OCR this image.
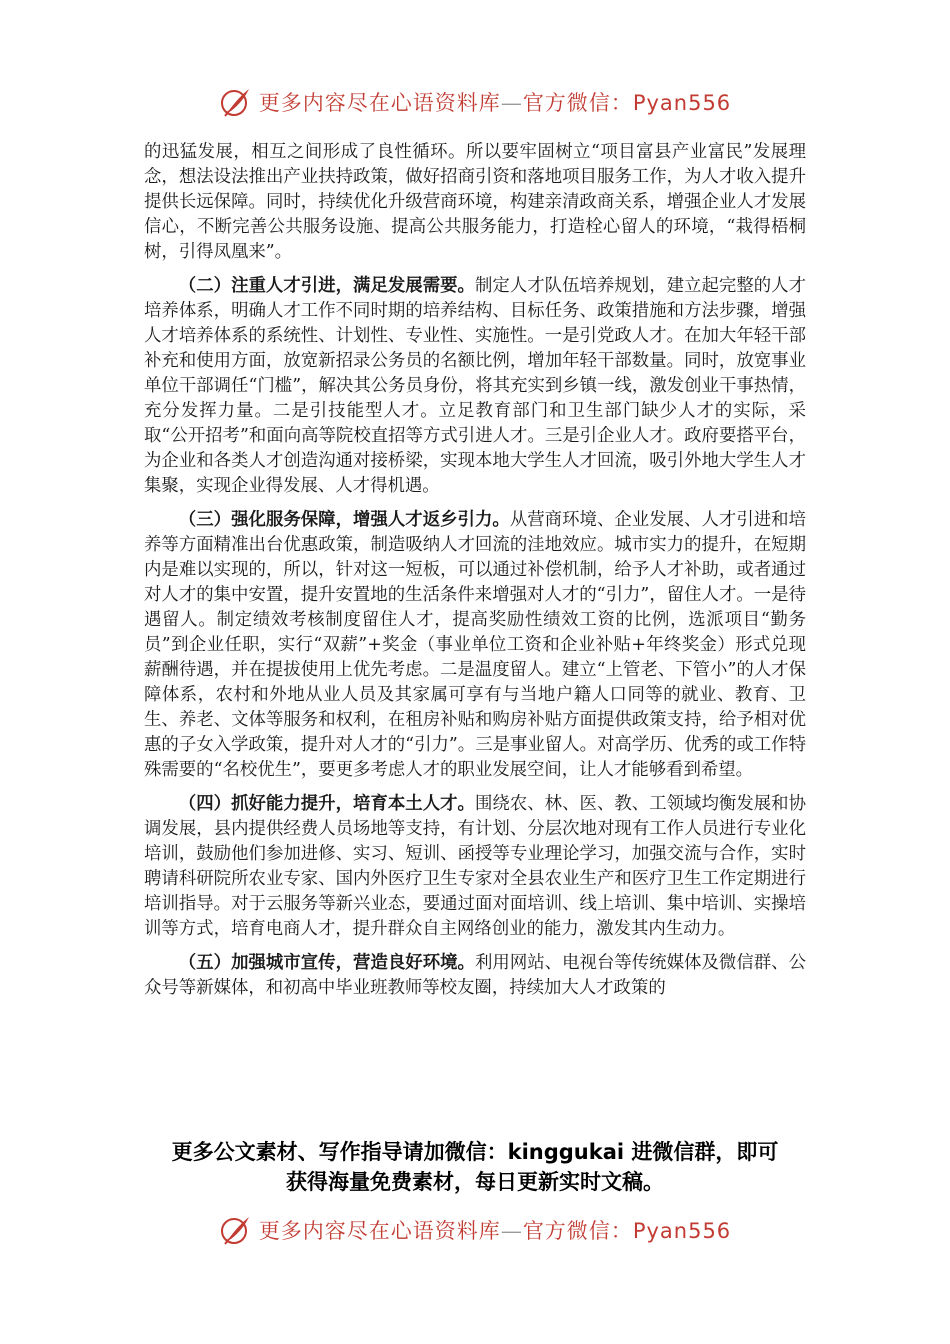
更多内容尽在心语资料库—官方微信：Pyan556

的迅猛发展，相互之间形成了良性循环。所以要牢固树立“项目富县产业富民”发展理念，想法设法推出产业扶持政策，做好招商引资和落地项目服务工作，为人才收入提升提供长远保障。同时，持续优化升级营商环境，构建亲清政商关系，增强企业人才发展信心，不断完善公共服务设施、提高公共服务能力，打造栓心留人的环境，“栽得梧桐树，引得凤凰来”。

（二）注重人才引进，满足发展需要。制定人才队伍培养规划，建立起完整的人才培养体系，明确人才工作不同时期的培养结构、目标任务、政策措施和方法步骤，增强人才培养体系的系统性、计划性、专业性、实施性。一是引党政人才。在加大年轻干部补充和使用方面，放宽新招录公务员的名额比例，增加年轻干部数量。同时，放宽事业单位干部调任“门槛”，解决其公务员身份，将其充实到乡镇一线，激发创业干事热情，充分发挥力量。二是引技能型人才。立足教育部门和卫生部门缺少人才的实际，采取“公开招考”和面向高等院校直招等方式引进人才。三是引企业人才。政府要搭平台，为企业和各类人才创造沟通对接桥梁，实现本地大学生人才回流，吸引外地大学生人才集聚，实现企业得发展、人才得机遇。

（三）强化服务保障，增强人才返乡引力。从营商环境、企业发展、人才引进和培养等方面精准出台优惠政策，制造吸纳人才回流的洼地效应。城市实力的提升，在短期内是难以实现的，所以，针对这一短板，可以通过补偿机制，给予人才补助，或者通过对人才的集中安置，提升安置地的生活条件来增强对人才的“引力”，留住人才。一是待遇留人。制定绩效考核制度留住人才，提高奖励性绩效工资的比例，选派项目“勤务员”到企业任职，实行“双薪”+奖金（事业单位工资和企业补贴+年终奖金）形式兑现薪酬待遇，并在提拔使用上优先考虑。二是温度留人。建立“上管老、下管小”的人才保障体系，农村和外地从业人员及其家属可享有与当地户籍人口同等的就业、教育、卫生、养老、文体等服务和权利，在租房补贴和购房补贴方面提供政策支持，给予相对优惠的子女入学政策，提升对人才的“引力”。三是事业留人。对高学历、优秀的或工作特殊需要的“名校优生”，要更多考虑人才的职业发展空间，让人才能够看到希望。

（四）抓好能力提升，培育本土人才。围绕农、林、医、教、工领域均衡发展和协调发展，县内提供经费人员场地等支持，有计划、分层次地对现有工作人员进行专业化培训，鼓励他们参加进修、实习、短训、函授等专业理论学习，加强交流与合作，实时聘请科研院所农业专家、国内外医疗卫生专家对全县农业生产和医疗卫生工作定期进行培训指导。对于云服务等新兴业态，要通过面对面培训、线上培训、集中培训、实操培训等方式，培育电商人才，提升群众自主网络创业的能力，激发其内生动力。

（五）加强城市宣传，营造良好环境。利用网站、电视台等传统媒体及微信群、公众号等新媒体，和初高中毕业班教师等校友圈，持续加大人才政策的

更多公文素材、写作指导请加微信：kinggukai 进微信群，即可
获得海量免费素材，每日更新实时文稿。
更多内容尽在心语资料库—官方微信：Pyan556
